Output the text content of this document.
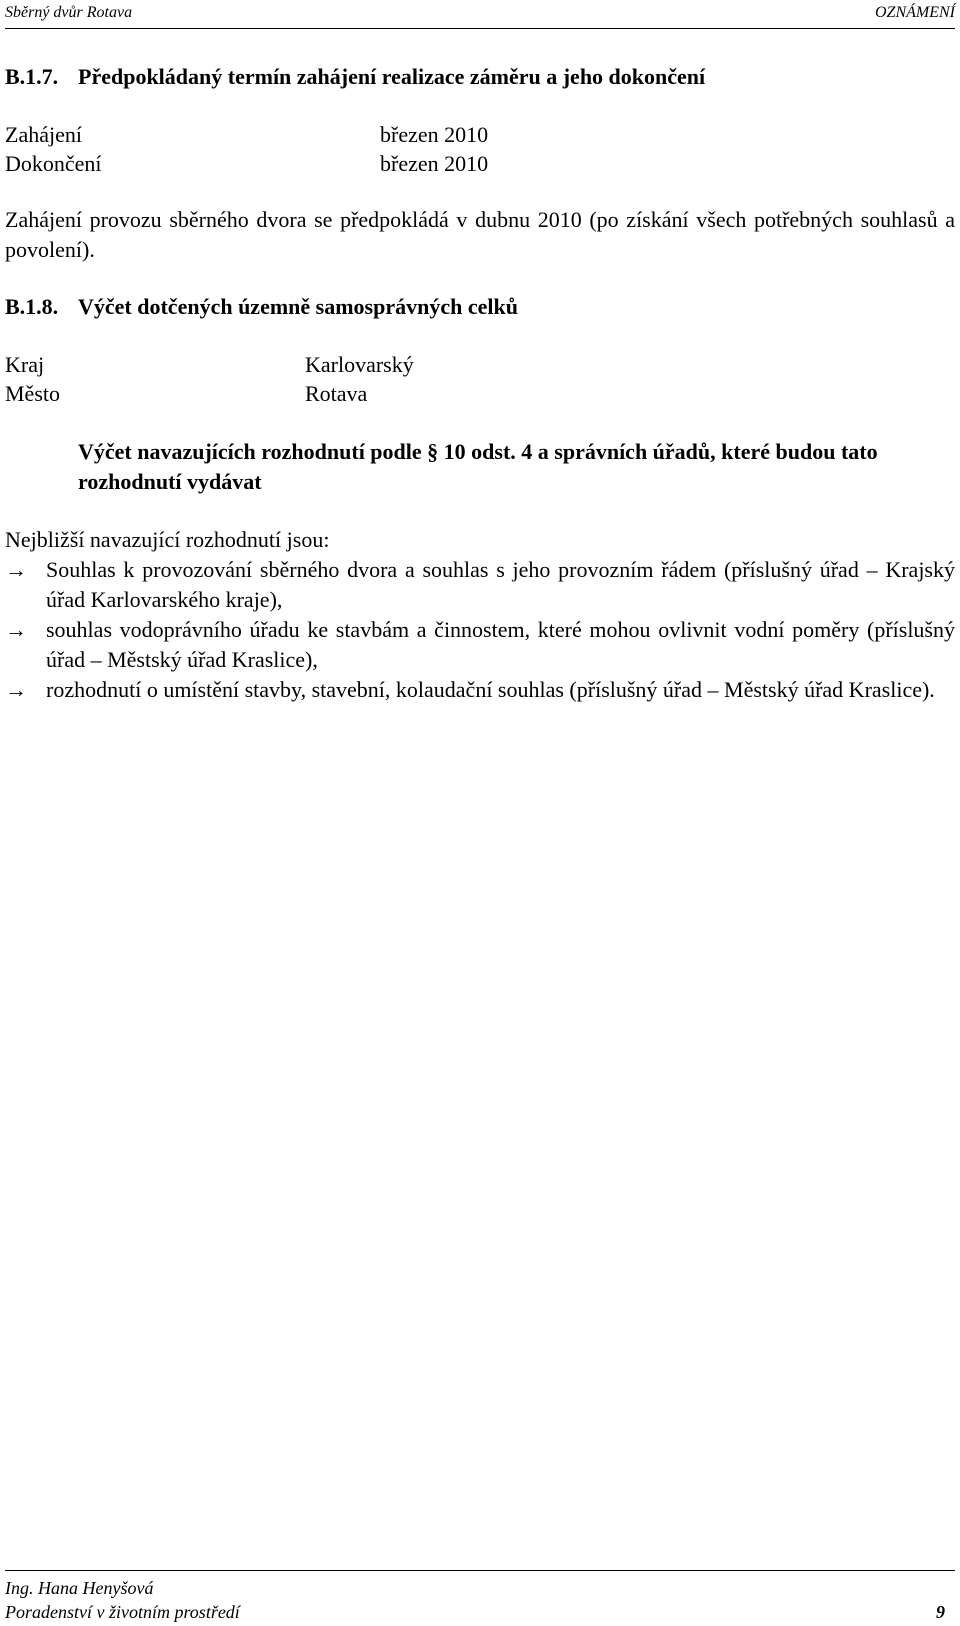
Sběrný dvůr Rotava	OZNÁMENÍ
B.1.7. Předpokládaný termín zahájení realizace záměru a jeho dokončení
Zahájení	březen 2010
Dokončení	březen 2010
Zahájení provozu sběrného dvora se předpokládá v dubnu 2010 (po získání všech potřebných souhlasů a povolení).
B.1.8. Výčet dotčených územně samosprávných celků
Kraj	Karlovarský
Město	Rotava
Výčet navazujících rozhodnutí podle § 10 odst. 4 a správních úřadů, které budou tato rozhodnutí vydávat
Nejbližší navazující rozhodnutí jsou:
→ Souhlas k provozování sběrného dvora a souhlas s jeho provozním řádem (příslušný úřad – Krajský úřad Karlovarského kraje),
→ souhlas vodoprávního úřadu ke stavbám a činnostem, které mohou ovlivnit vodní poměry (příslušný úřad – Městský úřad Kraslice),
→ rozhodnutí o umístění stavby, stavební, kolaudační souhlas (příslušný úřad – Městský úřad Kraslice).
Ing. Hana Henyšová
Poradenství v životním prostředí	9
